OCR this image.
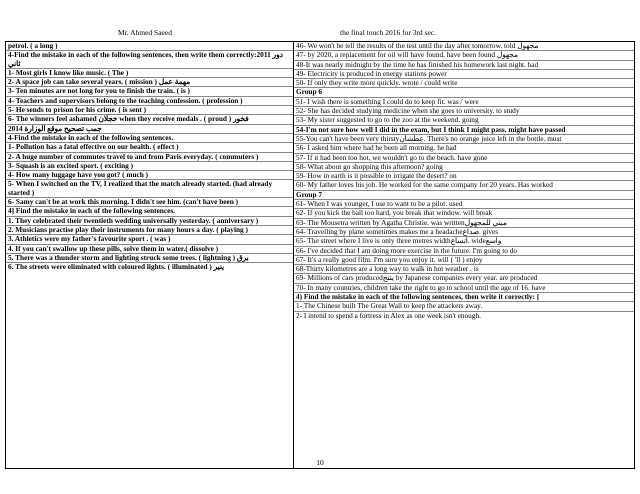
Mr. Ahmed Saeed	the final touch 2016 for 3rd sec.
petrol. ( a long )
4-Find the mistake in each of the following sentences, then write them correctly:2011 دور ثاني
1- Most girls I know like music. ( The )
2- A space job can take several years. ( mission ) مهمة عمل
3- Ten minutes are not long for you to finish the train. ( is )
4- Teachers and supervisors belong to the teaching confession. ( profession )
5- He sends to prison for his crime. ( is sent )
6- The winners feel ashamed خجلان when they receive medals . ( proud ) فخور
2014 جمب تصحيح موقع الوزارة
4-Find the mistake in each of the following sentences.
1- Pollution has a fatal effective on our health. ( effect )
2- A huge number of commutes travel to and from Paris everyday. ( commuters )
3- Squash is an excited sport. ( exciting )
4- How many luggage have you got? ( much )
5- When I switched on the TV, I realized that the match already started. (had already started )
6- Samy can't be at work this morning. I didn't see him. (can't have been )
4] Find the mistake in each of the following sentences.
1. They celebrated their twentieth wedding universally yesterday. ( anniversary )
2. Musicians practise play their instruments for many hours a day. ( playing )
3. Athletics were my father's favourite sport . ( was )
4. If you can't swallow up these pills, solve them in water.( dissolve )
5. There was a thunder storm and lighting struck some trees. ( lightning ) برق
6. The streets were eliminated with coloured lights. ( illuminated ) ينير
46- We won't be tell the results of the test until the day after tomorrow. told مجهول
47- by 2020, a replacement for oil will have found. have been found مجهول
48-It was nearly midnight by the time he has finished his homework last night. had
49- Electricity is produced in energy stations power
50- If only they write more quickly. wrote / could write
Group 6
51- I wish there is something I could do to keep fit. was / were
52- She has decided studying medicine when she goes to university. to study
53- My sister suggested to go to the zoo at the weekend. going
54-I'm not sure how well I did in the exam, but I think I might pass. might have passed
55-You can't have been very thirstyعطشان. There's no orange juice left in the bottle. must
56- I asked him where had he been all morning. he had
57- If it had been too hot, we wouldn't go to the beach. have gone
58- What about go shopping this afternoon? going
59- How in earth is it possible to irrigate the desert? on
60- My father loves his job. He worked for the same company for 20 years. Has worked
Group 7
61- When I was younger, I use to want to be a pilot. used
62- If you kick the ball too hard, you break that window. will break
63- The Mousetra written by Agatha Christie. was writtenمبني للمجهول
64- Travelling by plane sometimes makes me a headacheصداع. gives
65- The street where I live is only three metres widthاتساع. wideواسع
66- I've decided that I am doing more exercise in the future. I'm going to do
67- It's a really good film. I'm sure you enjoy it. will ( 'll ) enjoy
68-Thirty kilometres are a long way to walk in hot weather . is
69- Millions of cars producedينتج by Japanese companies every year. are produced
70- In many countries, children take the right to go to school until the age of 16. have
4) Find the mistake in each of the following sentences, then write it correctly: [
1- The Chinese built The Great Wall to keep the attackers away.
2- I intend to spend a fortress in Alex as one week isn't enough.
10
